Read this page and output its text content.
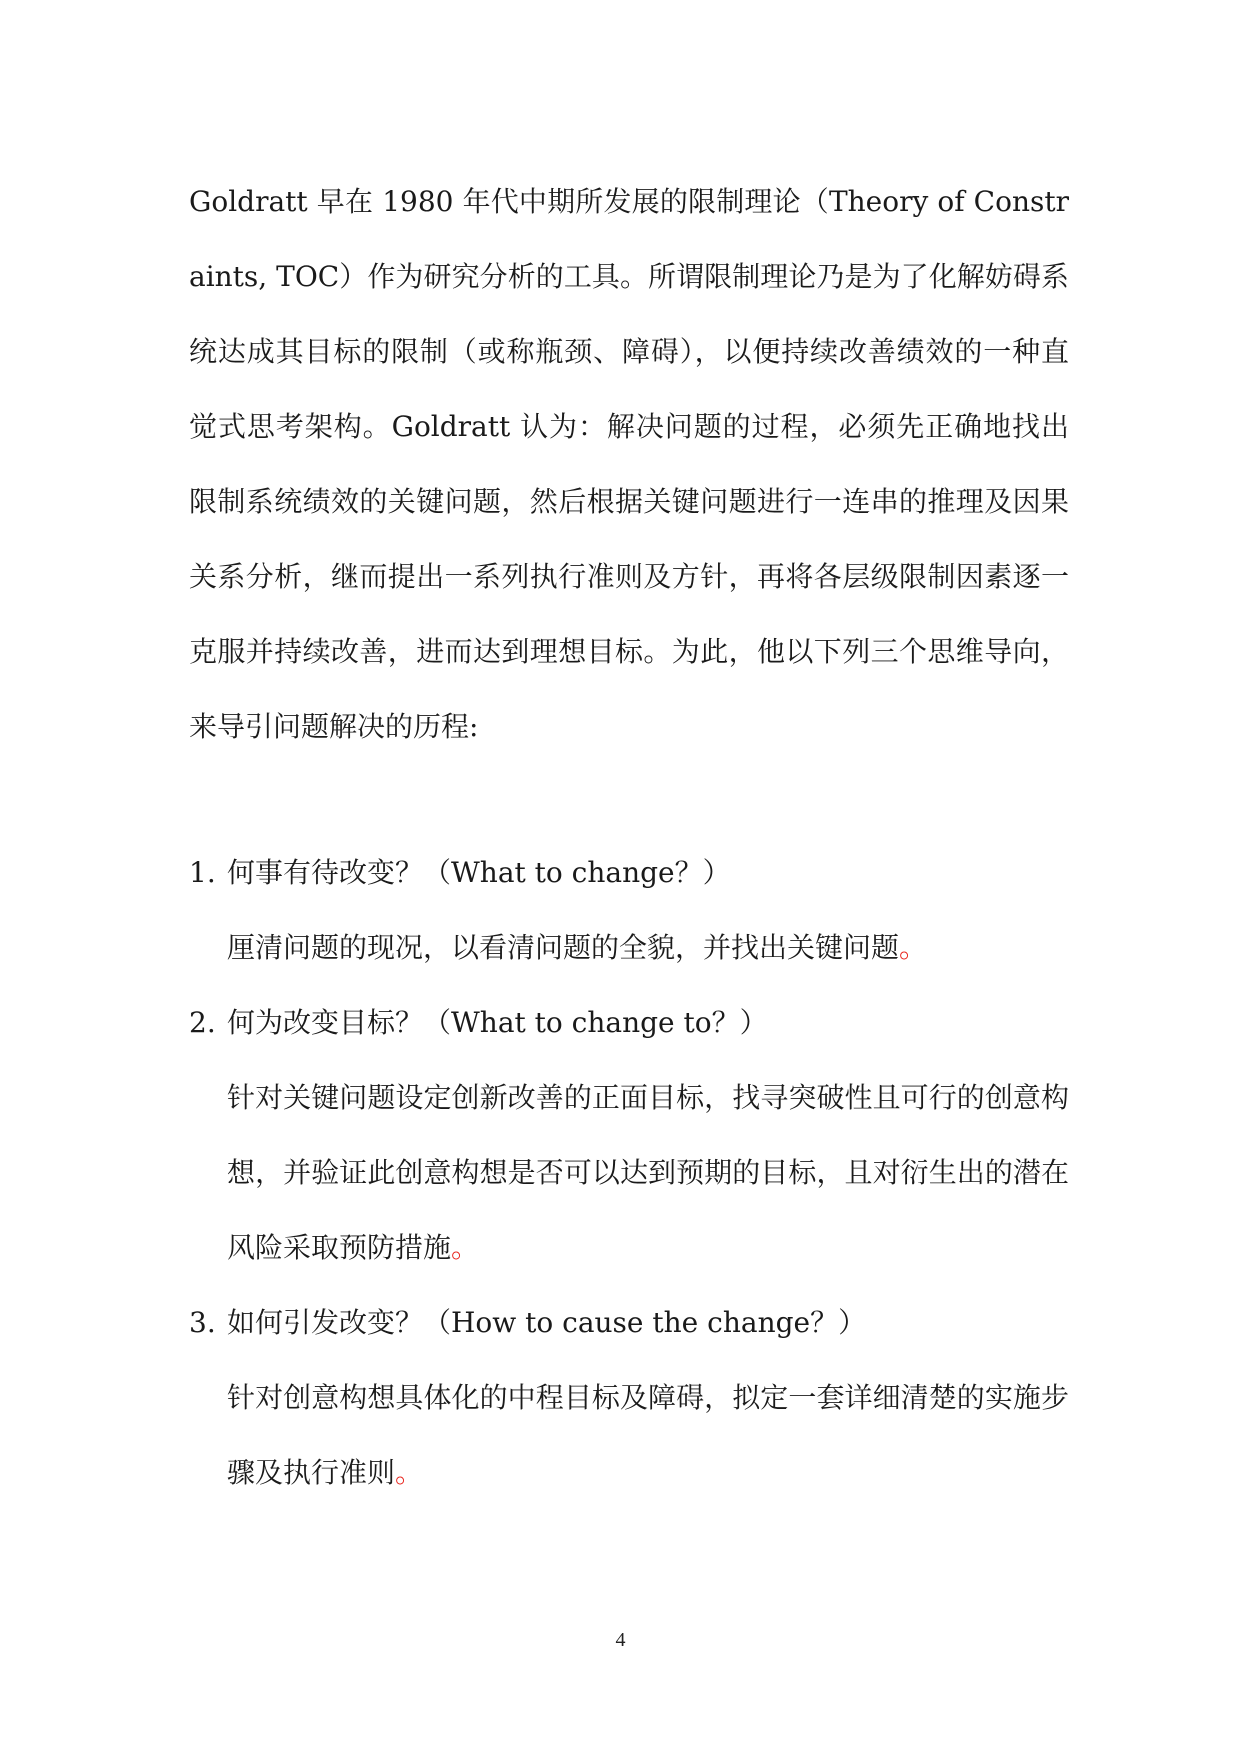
Goldratt 早在 1980 年代中期所发展的限制理论（Theory of Constraints, TOC）作为研究分析的工具。所谓限制理论乃是为了化解妨碍系统达成其目标的限制（或称瓶颈、障碍），以便持续改善绩效的一种直觉式思考架构。Goldratt 认为：解决问题的过程，必须先正确地找出限制系统绩效的关键问题，然后根据关键问题进行一连串的推理及因果关系分析，继而提出一系列执行准则及方针，再将各层级限制因素逐一克服并持续改善，进而达到理想目标。为此，他以下列三个思维导向，来导引问题解决的历程:

1. 何事有待改变？（What to change？）

厘清问题的现况，以看清问题的全貌，并找出关键问题。

2. 何为改变目标？（What to change to？）

针对关键问题设定创新改善的正面目标，找寻突破性且可行的创意构想，并验证此创意构想是否可以达到预期的目标，且对衍生出的潜在风险采取预防措施。

3. 如何引发改变？（How to cause the change？）

针对创意构想具体化的中程目标及障碍，拟定一套详细清楚的实施步骤及执行准则。

4
